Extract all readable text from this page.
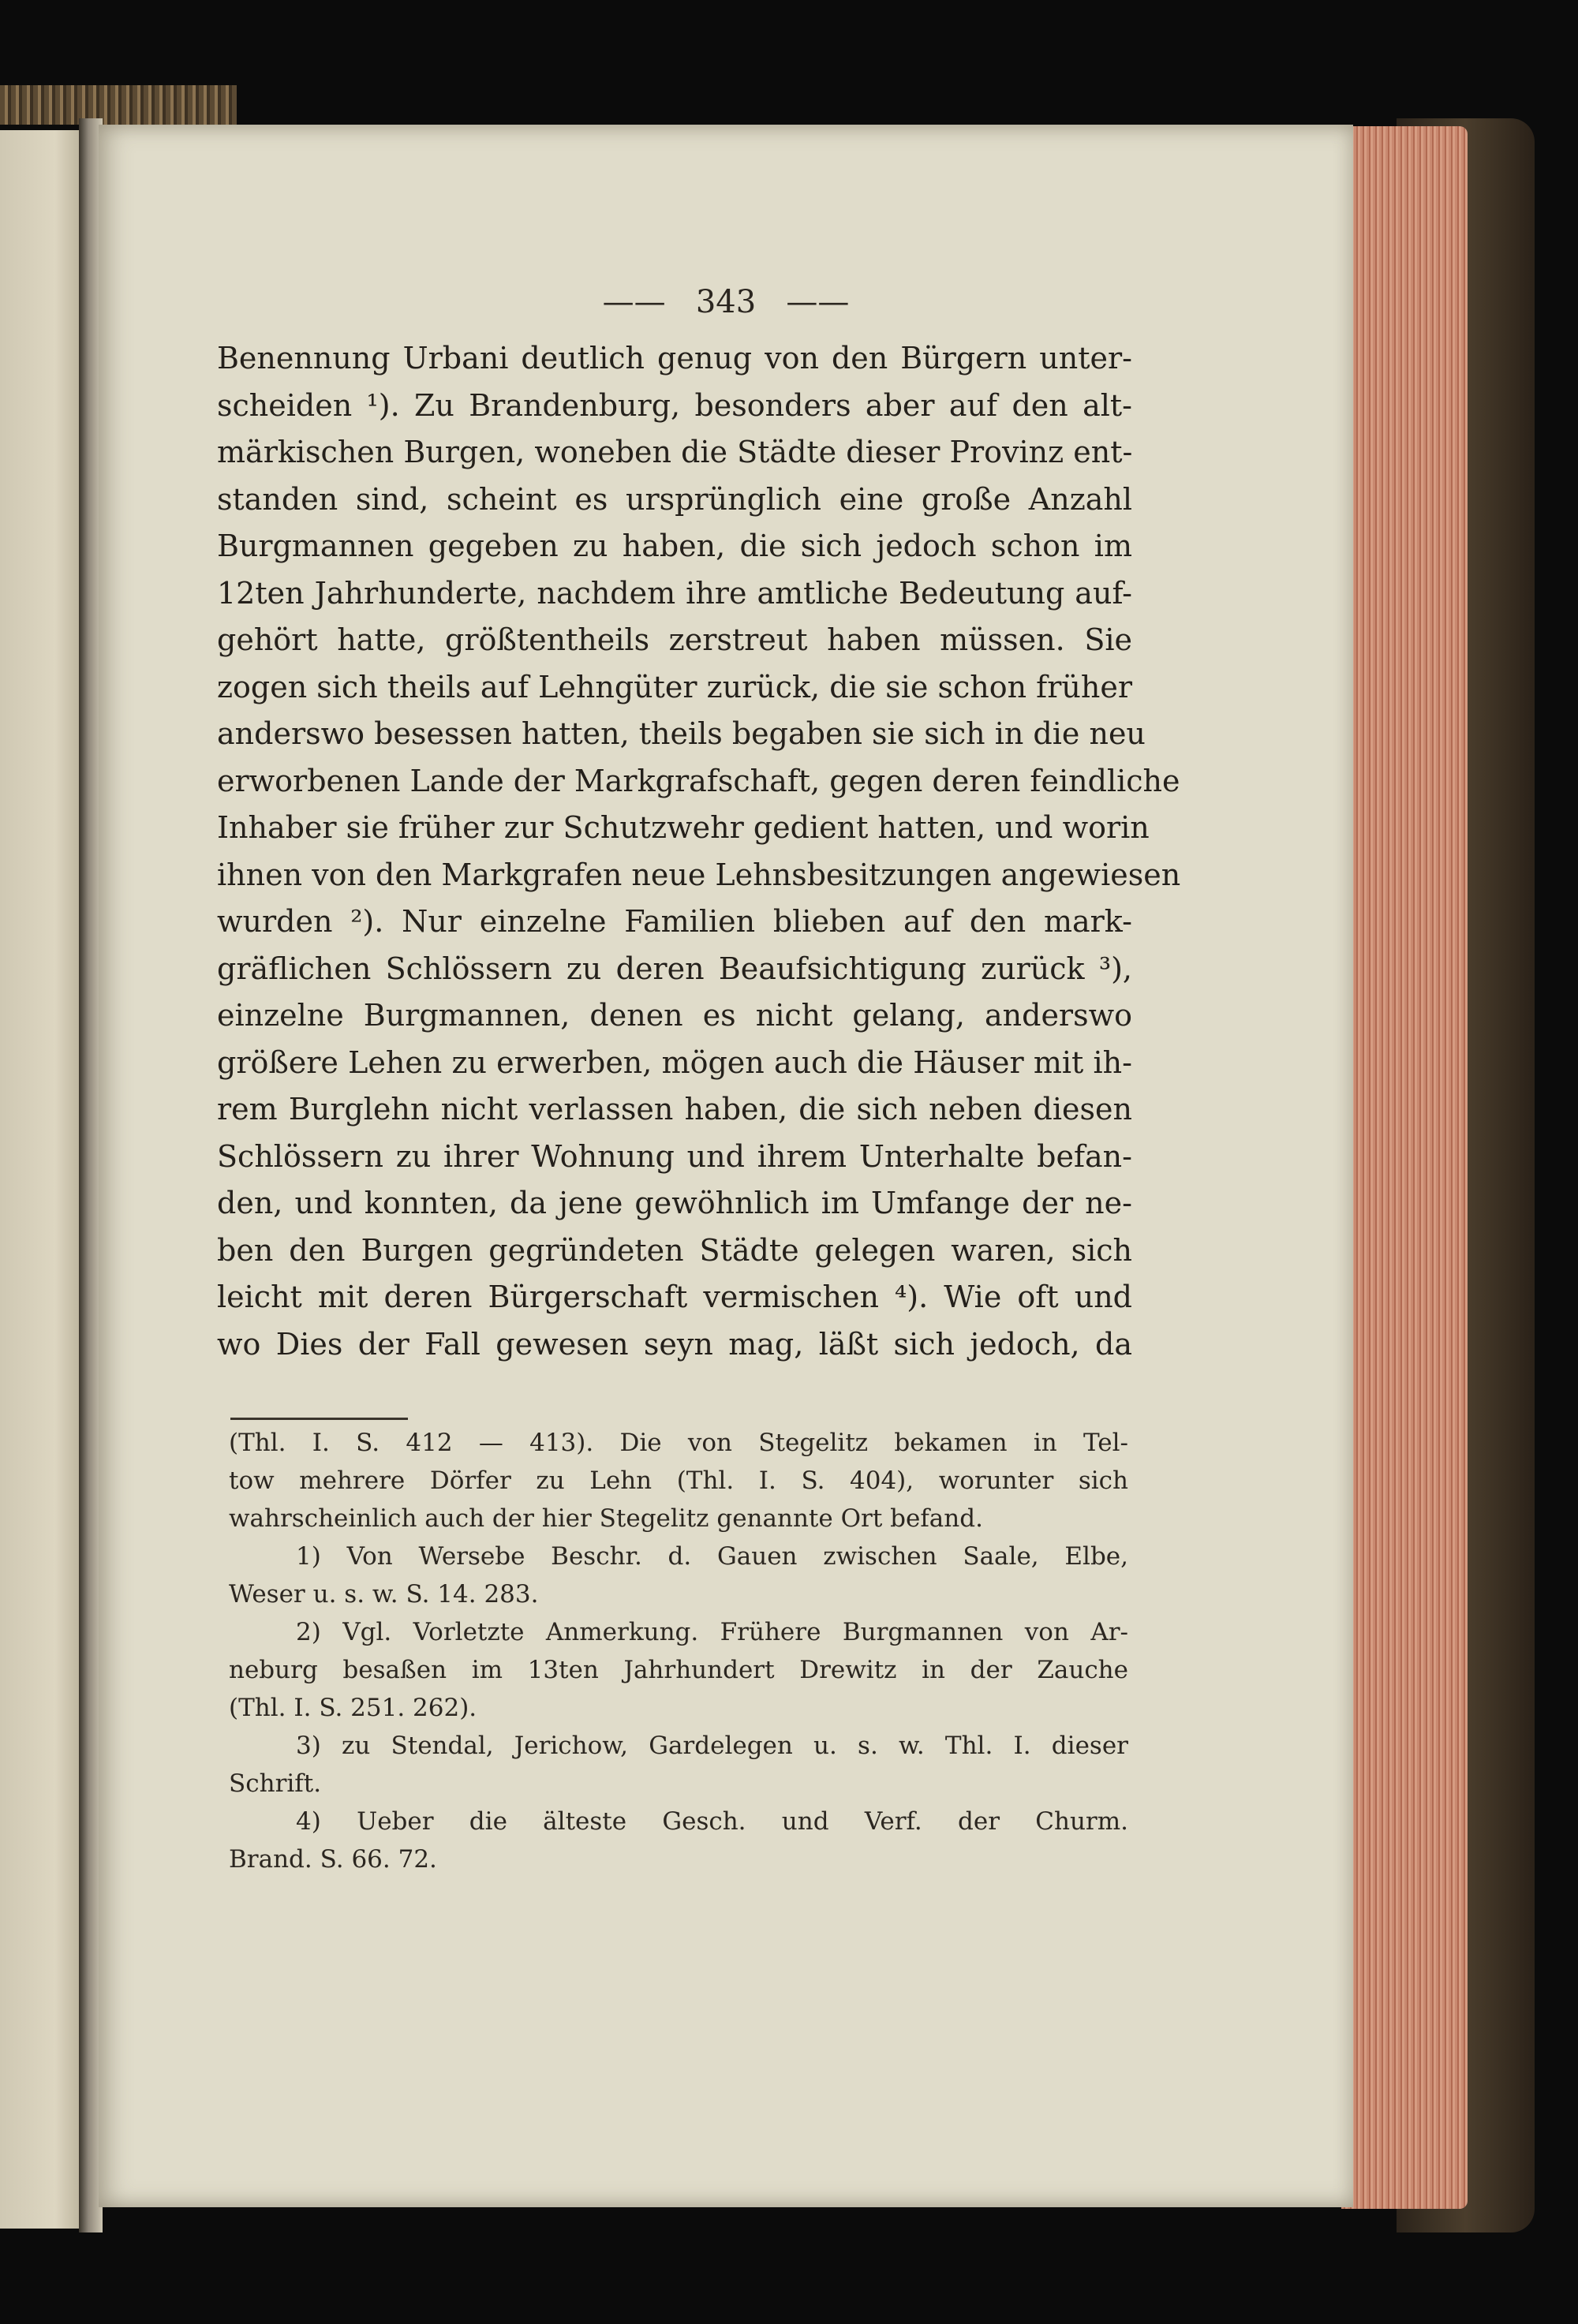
—— 343 ——
Benennung Urbani deutlich genug von den Bürgern unter-
scheiden ¹). Zu Brandenburg, besonders aber auf den alt-
märkischen Burgen, woneben die Städte dieser Provinz ent-
standen sind, scheint es ursprünglich eine große Anzahl
Burgmannen gegeben zu haben, die sich jedoch schon im
12ten Jahrhunderte, nachdem ihre amtliche Bedeutung auf-
gehört hatte, größtentheils zerstreut haben müssen. Sie
zogen sich theils auf Lehngüter zurück, die sie schon früher
anderswo besessen hatten, theils begaben sie sich in die neu
erworbenen Lande der Markgrafschaft, gegen deren feindliche
Inhaber sie früher zur Schutzwehr gedient hatten, und worin
ihnen von den Markgrafen neue Lehnsbesitzungen angewiesen
wurden ²). Nur einzelne Familien blieben auf den mark-
gräflichen Schlössern zu deren Beaufsichtigung zurück ³),
einzelne Burgmannen, denen es nicht gelang, anderswo
größere Lehen zu erwerben, mögen auch die Häuser mit ih-
rem Burglehn nicht verlassen haben, die sich neben diesen
Schlössern zu ihrer Wohnung und ihrem Unterhalte befan-
den, und konnten, da jene gewöhnlich im Umfange der ne-
ben den Burgen gegründeten Städte gelegen waren, sich
leicht mit deren Bürgerschaft vermischen ⁴). Wie oft und
wo Dies der Fall gewesen seyn mag, läßt sich jedoch, da
(Thl. I. S. 412 — 413). Die von Stegelitz bekamen in Tel-
tow mehrere Dörfer zu Lehn (Thl. I. S. 404), worunter sich
wahrscheinlich auch der hier Stegelitz genannte Ort befand.
1) Von Wersebe Beschr. d. Gauen zwischen Saale, Elbe,
Weser u. s. w. S. 14. 283.
2) Vgl. Vorletzte Anmerkung. Frühere Burgmannen von Ar-
neburg besaßen im 13ten Jahrhundert Drewitz in der Zauche
(Thl. I. S. 251. 262).
3) zu Stendal, Jerichow, Gardelegen u. s. w. Thl. I. dieser
Schrift.
4) Ueber die älteste Gesch. und Verf. der Churm.
Brand. S. 66. 72.
